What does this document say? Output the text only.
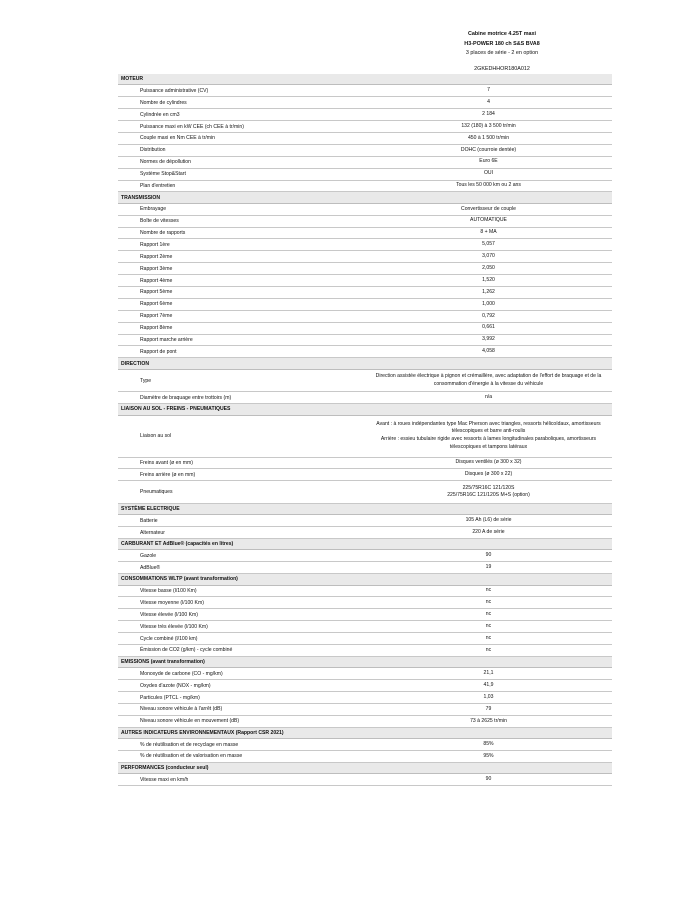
Cabine motrice 4.25T maxi
H3-POWER 180 ch S&S BVA8
3 places de série - 2 en option
2GKEDHHOR180A012
MOTEUR	
Puissance administrative (CV)	7
Nombre de cylindres	4
Cylindrée en cm3	2 184
Puissance maxi en kW CEE (ch CEE à tr/min)	132 (180) à 3 500 tr/min
Couple maxi en Nm CEE à tr/min	450 à 1 500 tr/min
Distribution	DOHC (courroie dentée)
Normes de dépollution	Euro 6E
Système Stop&Start	OUI
Plan d'entretien	Tous les 50 000 km ou 2 ans
TRANSMISSION	
Embrayage	Convertisseur de couple
Boîte de vitesses	AUTOMATIQUE
Nombre de rapports	8 + MA
Rapport 1ère	5,057
Rapport 2ème	3,070
Rapport 3ème	2,050
Rapport 4ème	1,520
Rapport 5ème	1,262
Rapport 6ème	1,000
Rapport 7ème	0,792
Rapport 8ème	0,661
Rapport marche arrière	3,992
Rapport de pont	4,058
DIRECTION	
Type	Direction assistée électrique à pignon et crémaillère, avec adaptation de l'effort de braquage et de la consommation d'énergie à la vitesse du véhicule
Diamètre de braquage entre trottoirs (m)	n/a
LIAISON AU SOL - FREINS - PNEUMATIQUES	
Liaison au sol	Avant : à roues indépendantes type Mac Pherson avec triangles, ressorts hélicoïdaux, amortisseurs télescopiques et barre anti-roulis
Arrière : essieu tubulaire rigide avec ressorts à lames longitudinales paraboliques, amortisseurs télescopiques et tampons latéraux
Freins avant (ø en mm)	Disques ventilés (ø 300 x 32)
Freins arrière (ø en mm)	Disques (ø 300 x 22)
Pneumatiques	225/75R16C 121/120S
225/75R16C 121/120S M+S (option)
SYSTÈME ELECTRIQUE	
Batterie	105 Ah (L6) de série
Alternateur	220 A de série
CARBURANT ET AdBlue® (capacités en litres)	
Gazole	90
AdBlue®	19
CONSOMMATIONS WLTP (avant transformation)	
Vitesse basse (l/100 Km)	nc
Vitesse moyenne (l/100 Km)	nc
Vitesse élevée (l/100 Km)	nc
Vitesse très élevée (l/100 Km)	nc
Cycle combiné (l/100 km)	nc
Émission de CO2 (g/km) - cycle combiné	nc
EMISSIONS (avant transformation)	
Monoxyde de carbone (CO - mg/km)	21,1
Oxydes d'azote (NOX - mg/km)	41,9
Particules (PTCL - mg/km)	1,03
Niveau sonore véhicule à l'arrêt (dB)	79
Niveau sonore véhicule en mouvement (dB)	73 à 2625 tr/min
AUTRES INDICATEURS ENVIRONNEMENTAUX (Rapport CSR 2021)	
% de réutilisation et de recyclage en masse	85%
% de réutilisation et de valorisation en masse	95%
PERFORMANCES (conducteur seul)	
Vitesse maxi en km/h	90
